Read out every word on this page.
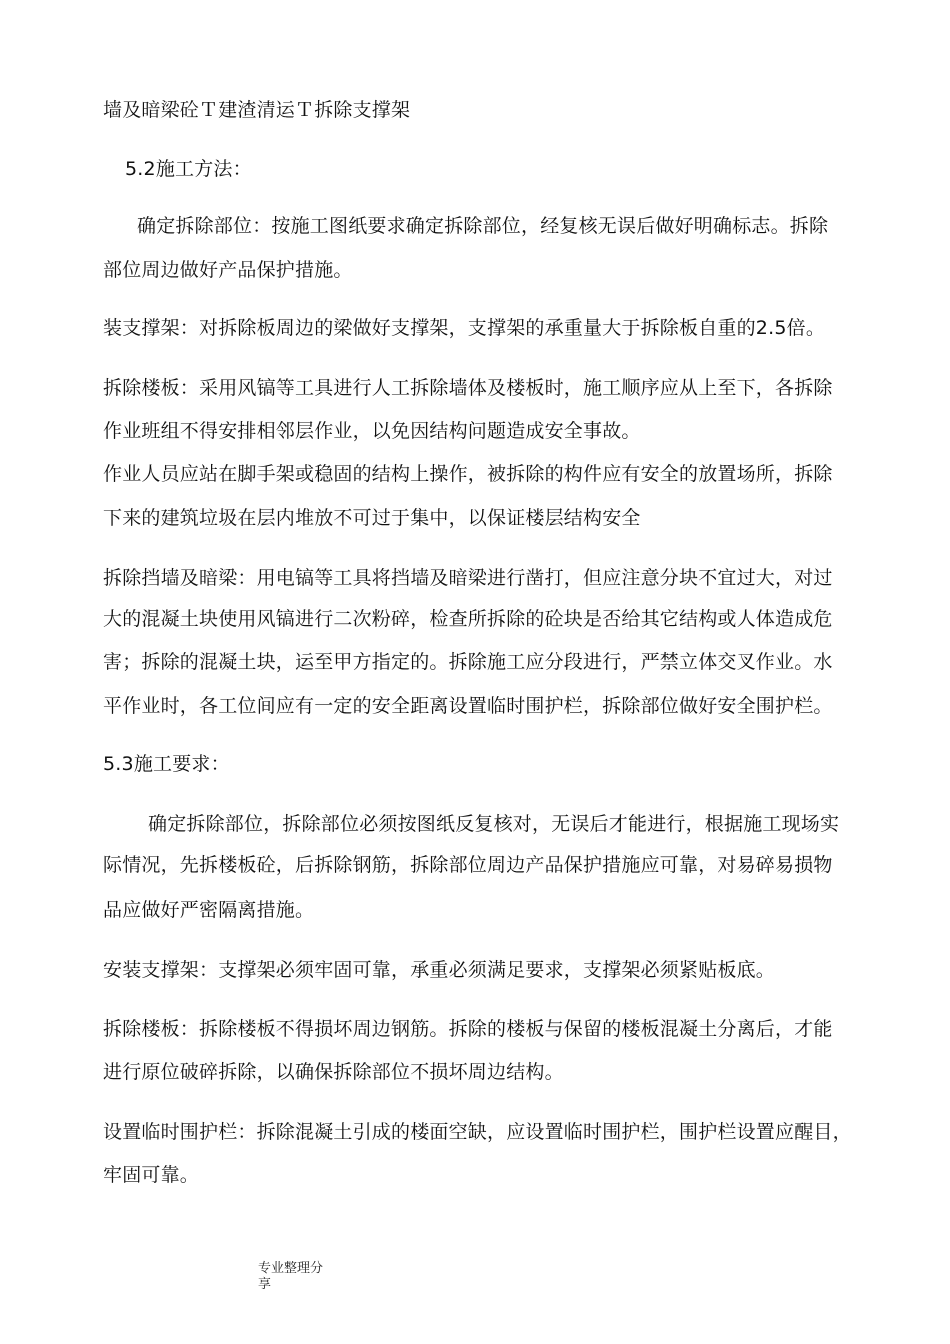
墙及暗梁砼Ｔ建渣清运Ｔ拆除支撑架
5.2施工方法：
确定拆除部位：按施工图纸要求确定拆除部位，经复核无误后做好明确标志。拆除
部位周边做好产品保护措施。
装支撑架：对拆除板周边的梁做好支撑架，支撑架的承重量大于拆除板自重的2.5倍。
拆除楼板：采用风镐等工具进行人工拆除墙体及楼板时，施工顺序应从上至下，各拆除
作业班组不得安排相邻层作业，以免因结构问题造成安全事故。
作业人员应站在脚手架或稳固的结构上操作，被拆除的构件应有安全的放置场所，拆除
下来的建筑垃圾在层内堆放不可过于集中，以保证楼层结构安全
拆除挡墙及暗梁：用电镐等工具将挡墙及暗梁进行凿打，但应注意分块不宜过大，对过
大的混凝土块使用风镐进行二次粉碎，检查所拆除的砼块是否给其它结构或人体造成危
害；拆除的混凝土块，运至甲方指定的。拆除施工应分段进行，严禁立体交叉作业。水
平作业时，各工位间应有一定的安全距离设置临时围护栏，拆除部位做好安全围护栏。
5.3施工要求：
确定拆除部位，拆除部位必须按图纸反复核对，无误后才能进行，根据施工现场实
际情况，先拆楼板砼，后拆除钢筋，拆除部位周边产品保护措施应可靠，对易碎易损物
品应做好严密隔离措施。
安装支撑架：支撑架必须牢固可靠，承重必须满足要求，支撑架必须紧贴板底。
拆除楼板：拆除楼板不得损坏周边钢筋。拆除的楼板与保留的楼板混凝土分离后，才能
进行原位破碎拆除，以确保拆除部位不损坏周边结构。
设置临时围护栏：拆除混凝土引成的楼面空缺，应设置临时围护栏，围护栏设置应醒目，
牢固可靠。
专业整理分
享
